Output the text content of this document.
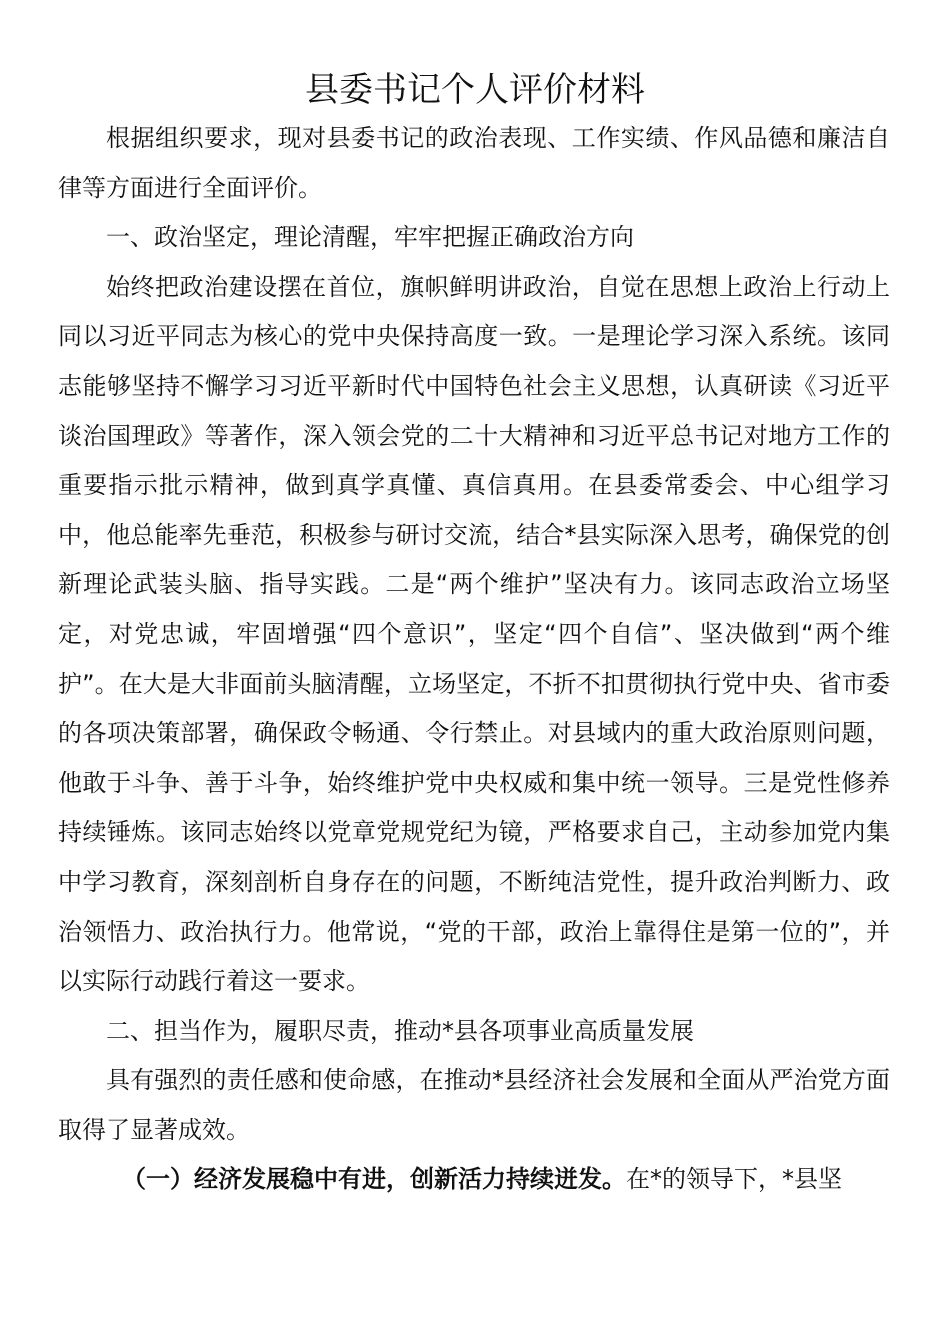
县委书记个人评价材料

根据组织要求，现对县委书记的政治表现、工作实绩、作风品德和廉洁自律等方面进行全面评价。

一、政治坚定，理论清醒，牢牢把握正确政治方向

始终把政治建设摆在首位，旗帜鲜明讲政治，自觉在思想上政治上行动上同以习近平同志为核心的党中央保持高度一致。一是理论学习深入系统。该同志能够坚持不懈学习习近平新时代中国特色社会主义思想，认真研读《习近平谈治国理政》等著作，深入领会党的二十大精神和习近平总书记对地方工作的重要指示批示精神，做到真学真懂、真信真用。在县委常委会、中心组学习中，他总能率先垂范，积极参与研讨交流，结合*县实际深入思考，确保党的创新理论武装头脑、指导实践。二是“两个维护”坚决有力。该同志政治立场坚定，对党忠诚，牢固增强“四个意识”，坚定“四个自信”、坚决做到“两个维护”。在大是大非面前头脑清醒，立场坚定，不折不扣贯彻执行党中央、省市委的各项决策部署，确保政令畅通、令行禁止。对县域内的重大政治原则问题，他敢于斗争、善于斗争，始终维护党中央权威和集中统一领导。三是党性修养持续锤炼。该同志始终以党章党规党纪为镜，严格要求自己，主动参加党内集中学习教育，深刻剖析自身存在的问题，不断纯洁党性，提升政治判断力、政治领悟力、政治执行力。他常说，“党的干部，政治上靠得住是第一位的”，并以实际行动践行着这一要求。

二、担当作为，履职尽责，推动*县各项事业高质量发展

具有强烈的责任感和使命感，在推动*县经济社会发展和全面从严治党方面取得了显著成效。

（一）经济发展稳中有进，创新活力持续迸发。在*的领导下，*县坚
